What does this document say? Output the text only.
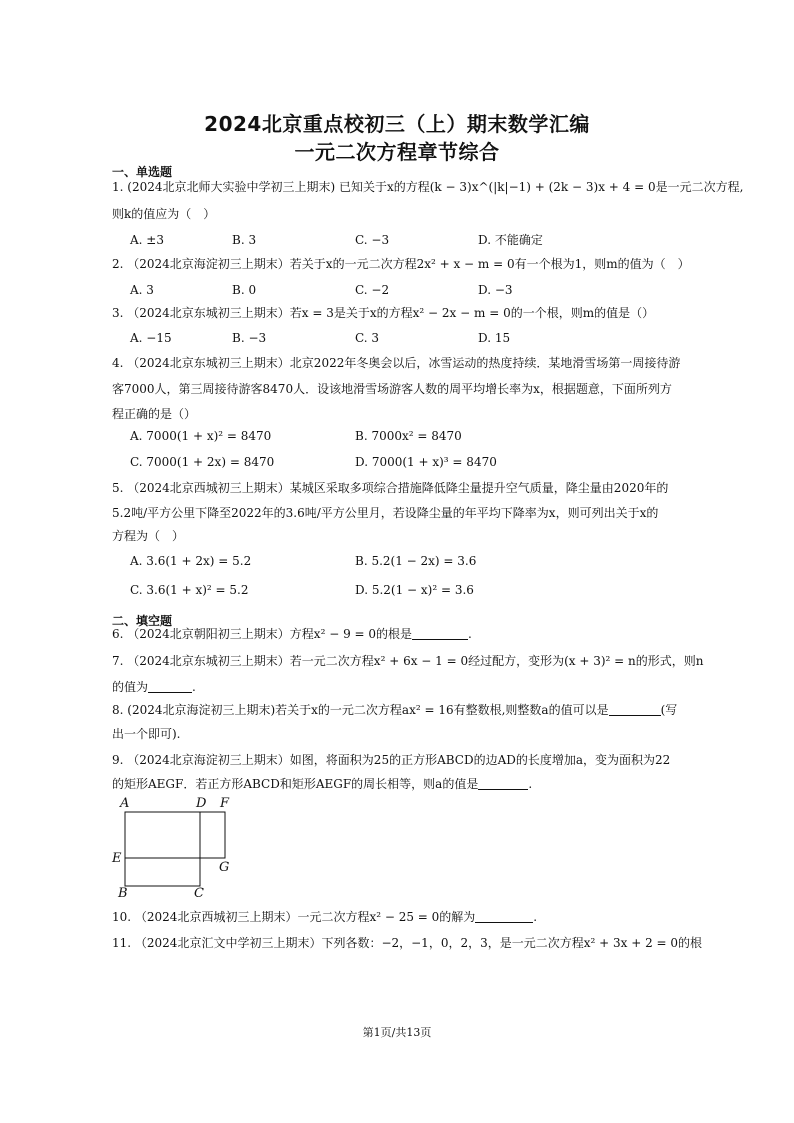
2024北京重点校初三（上）期末数学汇编
一元二次方程章节综合
一、单选题
1. (2024北京北师大实验中学初三上期末) 已知关于x的方程(k − 3)x^(|k|−1) + (2k − 3)x + 4 = 0是一元二次方程,
则k的值应为（　）
A. ±3	B. 3	C. −3	D. 不能确定
2. （2024北京海淀初三上期末）若关于x的一元二次方程2x² + x − m = 0有一个根为1，则m的值为（　）
A. 3	B. 0	C. −2	D. −3
3. （2024北京东城初三上期末）若x = 3是关于x的方程x² − 2x − m = 0的一个根，则m的值是（）
A. −15	B. −3	C. 3	D. 15
4. （2024北京东城初三上期末）北京2022年冬奥会以后，冰雪运动的热度持续．某地滑雪场第一周接待游
客7000人，第三周接待游客8470人．设该地滑雪场游客人数的周平均增长率为x，根据题意，下面所列方
程正确的是（）
A. 7000(1 + x)² = 8470	B. 7000x² = 8470
C. 7000(1 + 2x) = 8470	D. 7000(1 + x)³ = 8470
5. （2024北京西城初三上期末）某城区采取多项综合措施降低降尘量提升空气质量，降尘量由2020年的
5.2吨/平方公里下降至2022年的3.6吨/平方公里月，若设降尘量的年平均下降率为x，则可列出关于x的
方程为（　）
A. 3.6(1 + 2x) = 5.2	B. 5.2(1 − 2x) = 3.6
C. 3.6(1 + x)² = 5.2	D. 5.2(1 − x)² = 3.6
二、填空题
6. （2024北京朝阳初三上期末）方程x² − 9 = 0的根是	.
7. （2024北京东城初三上期末）若一元二次方程x² + 6x − 1 = 0经过配方，变形为(x + 3)² = n的形式，则n
的值为	.
8. (2024北京海淀初三上期末)若关于x的一元二次方程ax² = 16有整数根,则整数a的值可以是	(写
出一个即可).
9. （2024北京海淀初三上期末）如图，将面积为25的正方形ABCD的边AD的长度增加a，变为面积为22
的矩形AEGF．若正方形ABCD和矩形AEGF的周长相等，则a的值是	.
A	D F
E
G
B	C
10. （2024北京西城初三上期末）一元二次方程x² − 25 = 0的解为	.
11. （2024北京汇文中学初三上期末）下列各数：−2，−1，0，2，3，是一元二次方程x² + 3x + 2 = 0的根
第1页/共13页
